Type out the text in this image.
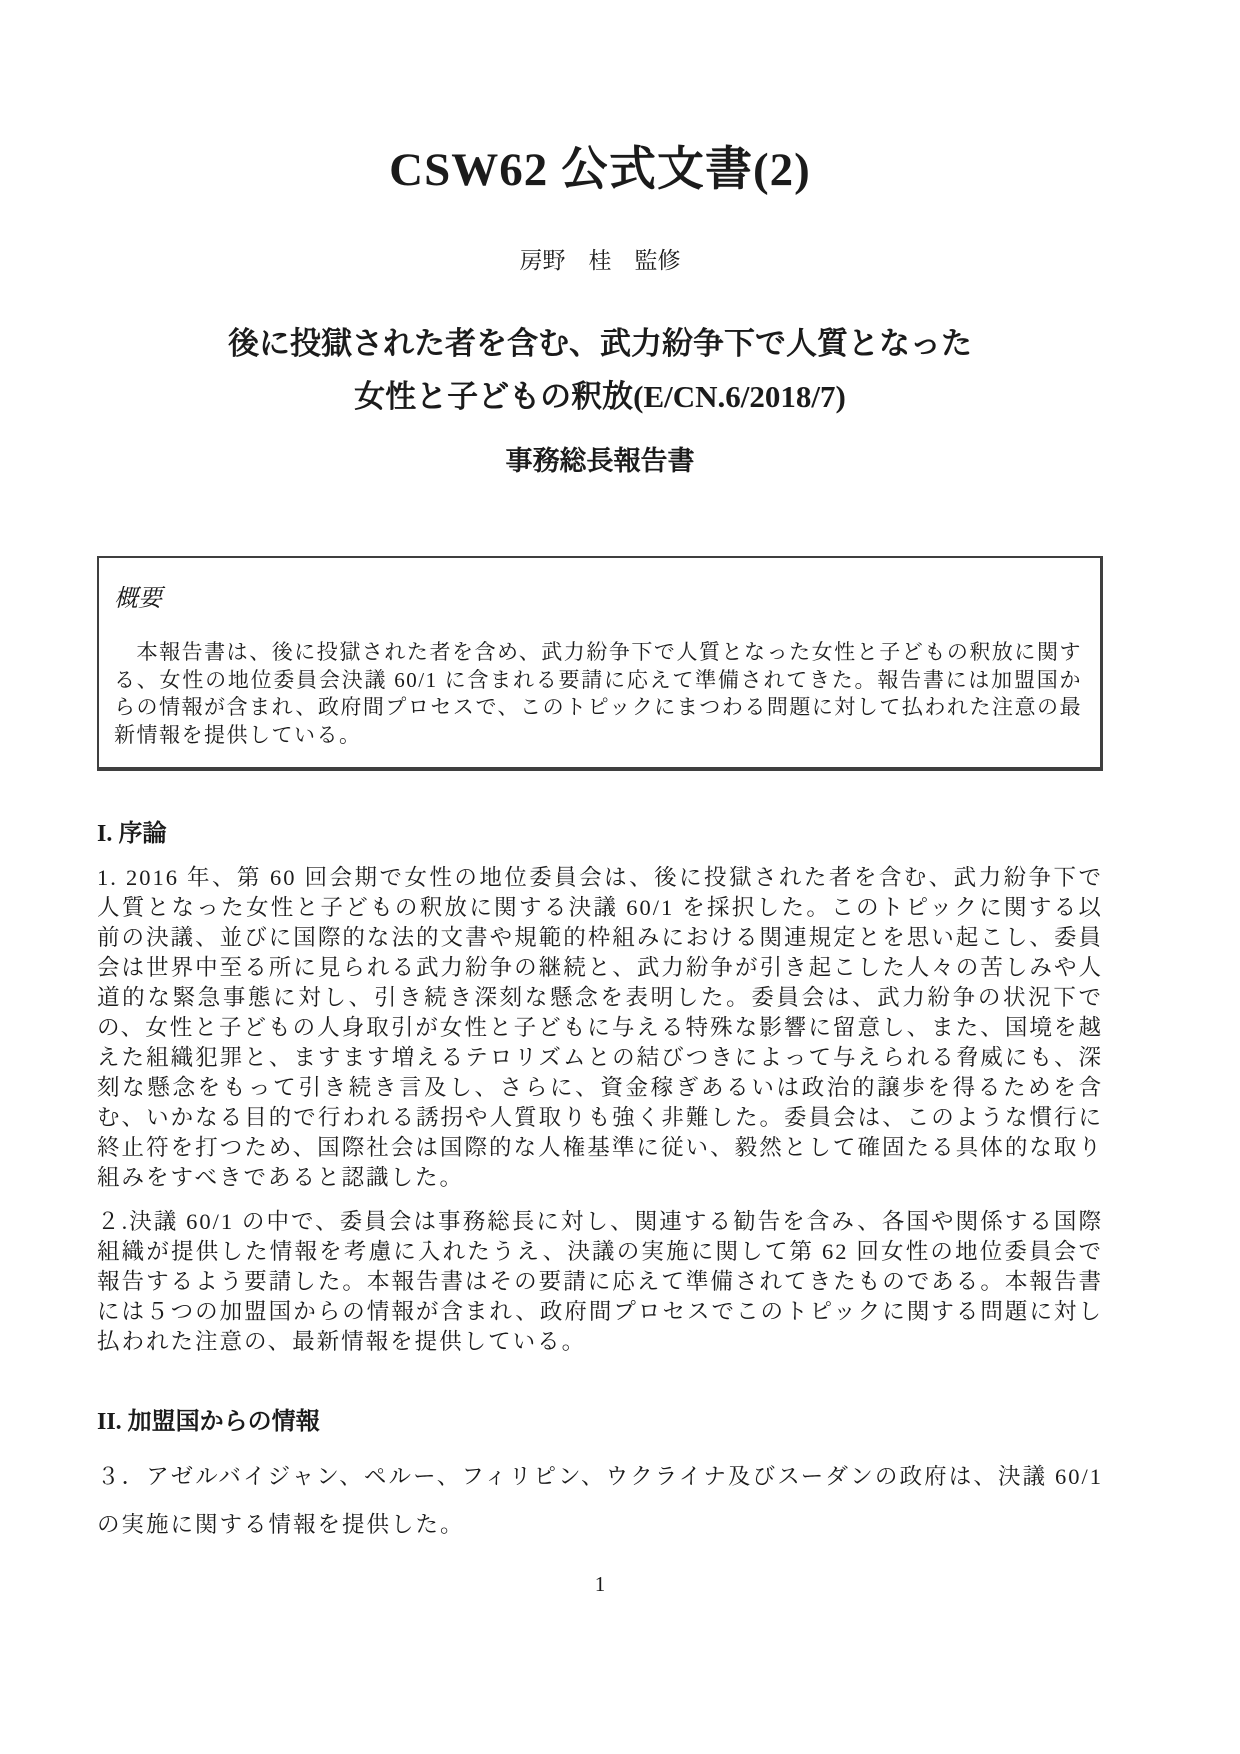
CSW62 公式文書(2)

房野　桂　監修

後に投獄された者を含む、武力紛争下で人質となった
女性と子どもの釈放(E/CN.6/2018/7)

事務総長報告書

概要

　本報告書は、後に投獄された者を含め、武力紛争下で人質となった女性と子どもの釈放に関する、女性の地位委員会決議 60/1 に含まれる要請に応えて準備されてきた。報告書には加盟国からの情報が含まれ、政府間プロセスで、このトピックにまつわる問題に対して払われた注意の最新情報を提供している。

I. 序論

1. 2016 年、第 60 回会期で女性の地位委員会は、後に投獄された者を含む、武力紛争下で人質となった女性と子どもの釈放に関する決議 60/1 を採択した。このトピックに関する以前の決議、並びに国際的な法的文書や規範的枠組みにおける関連規定とを思い起こし、委員会は世界中至る所に見られる武力紛争の継続と、武力紛争が引き起こした人々の苦しみや人道的な緊急事態に対し、引き続き深刻な懸念を表明した。委員会は、武力紛争の状況下での、女性と子どもの人身取引が女性と子どもに与える特殊な影響に留意し、また、国境を越えた組織犯罪と、ますます増えるテロリズムとの結びつきによって与えられる脅威にも、深刻な懸念をもって引き続き言及し、さらに、資金稼ぎあるいは政治的譲歩を得るためを含む、いかなる目的で行われる誘拐や人質取りも強く非難した。委員会は、このような慣行に終止符を打つため、国際社会は国際的な人権基準に従い、毅然として確固たる具体的な取り組みをすべきであると認識した。

２.決議 60/1 の中で、委員会は事務総長に対し、関連する勧告を含み、各国や関係する国際組織が提供した情報を考慮に入れたうえ、決議の実施に関して第 62 回女性の地位委員会で報告するよう要請した。本報告書はその要請に応えて準備されてきたものである。本報告書には５つの加盟国からの情報が含まれ、政府間プロセスでこのトピックに関する問題に対し払われた注意の、最新情報を提供している。

II. 加盟国からの情報

３．アゼルバイジャン、ペルー、フィリピン、ウクライナ及びスーダンの政府は、決議 60/1 の実施に関する情報を提供した。

1
